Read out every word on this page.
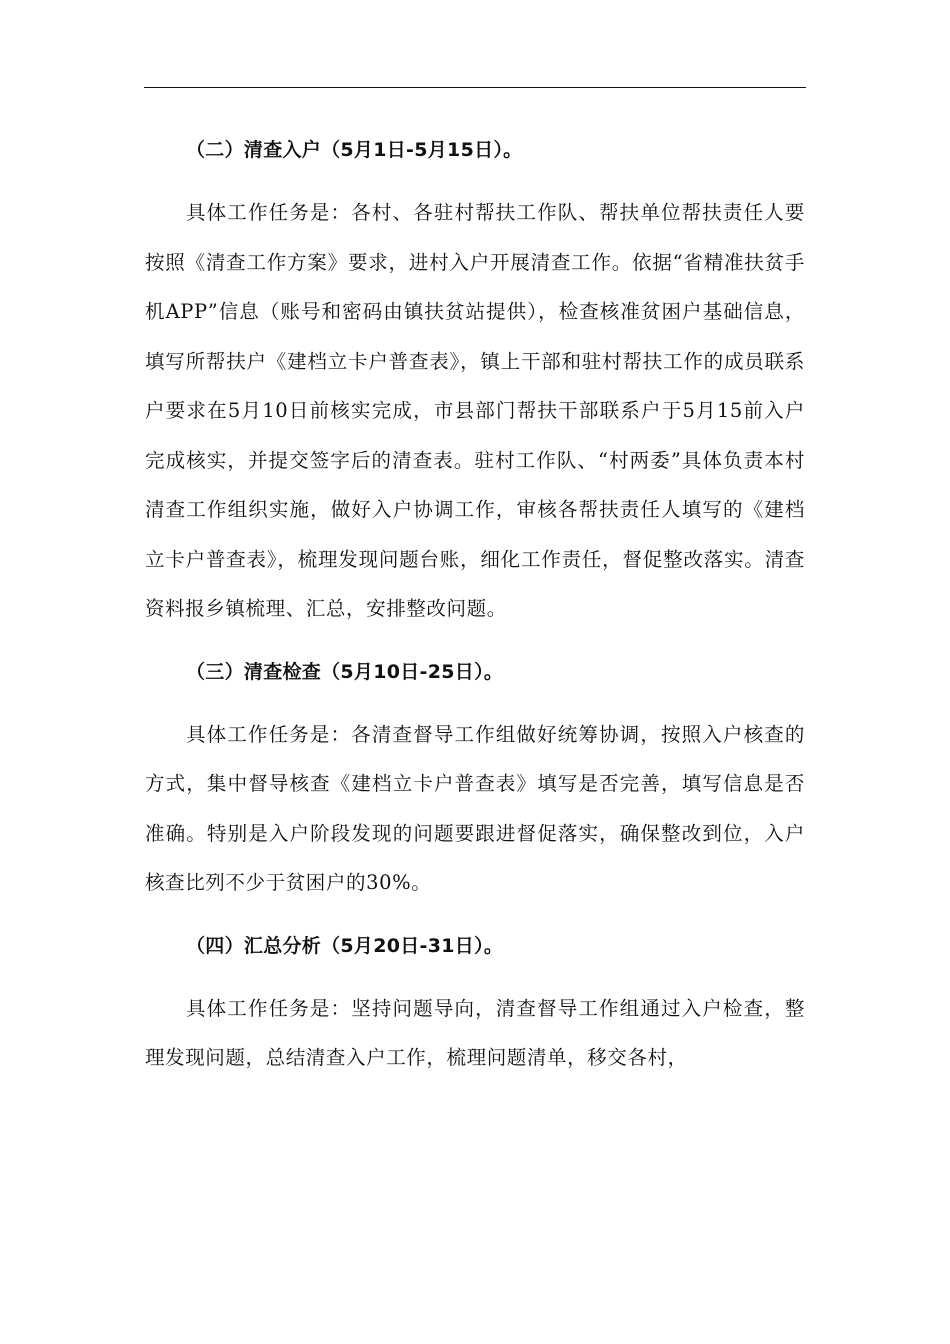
（二）清查入户（5月1日-5月15日）。

具体工作任务是：各村、各驻村帮扶工作队、帮扶单位帮扶责任人要按照《清查工作方案》要求，进村入户开展清查工作。依据“省精准扶贫手机APP”信息（账号和密码由镇扶贫站提供），检查核准贫困户基础信息，填写所帮扶户《建档立卡户普查表》，镇上干部和驻村帮扶工作的成员联系户要求在5月10日前核实完成，市县部门帮扶干部联系户于5月15前入户完成核实，并提交签字后的清查表。驻村工作队、“村两委”具体负责本村清查工作组织实施，做好入户协调工作，审核各帮扶责任人填写的《建档立卡户普查表》，梳理发现问题台账，细化工作责任，督促整改落实。清查资料报乡镇梳理、汇总，安排整改问题。

（三）清查检查（5月10日-25日）。

具体工作任务是：各清查督导工作组做好统筹协调，按照入户核查的方式，集中督导核查《建档立卡户普查表》填写是否完善，填写信息是否准确。特别是入户阶段发现的问题要跟进督促落实，确保整改到位，入户核查比列不少于贫困户的30%。

（四）汇总分析（5月20日-31日）。

具体工作任务是：坚持问题导向，清查督导工作组通过入户检查，整理发现问题，总结清查入户工作，梳理问题清单，移交各村，
